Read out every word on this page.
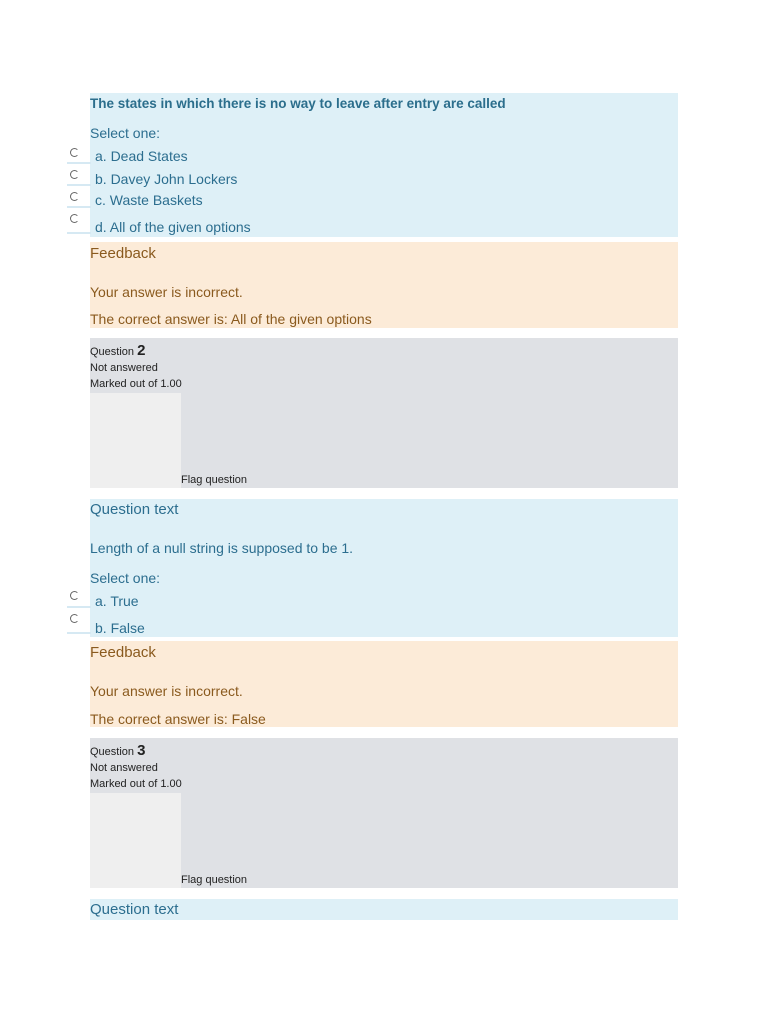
The states in which there is no way to leave after entry are called
Select one:
a. Dead States
b. Davey John Lockers
c. Waste Baskets
d. All of the given options
Feedback
Your answer is incorrect.
The correct answer is: All of the given options
Question 2
Not answered
Marked out of 1.00
Flag question
Question text
Length of a null string is supposed to be 1.
Select one:
a. True
b. False
Feedback
Your answer is incorrect.
The correct answer is: False
Question 3
Not answered
Marked out of 1.00
Flag question
Question text
